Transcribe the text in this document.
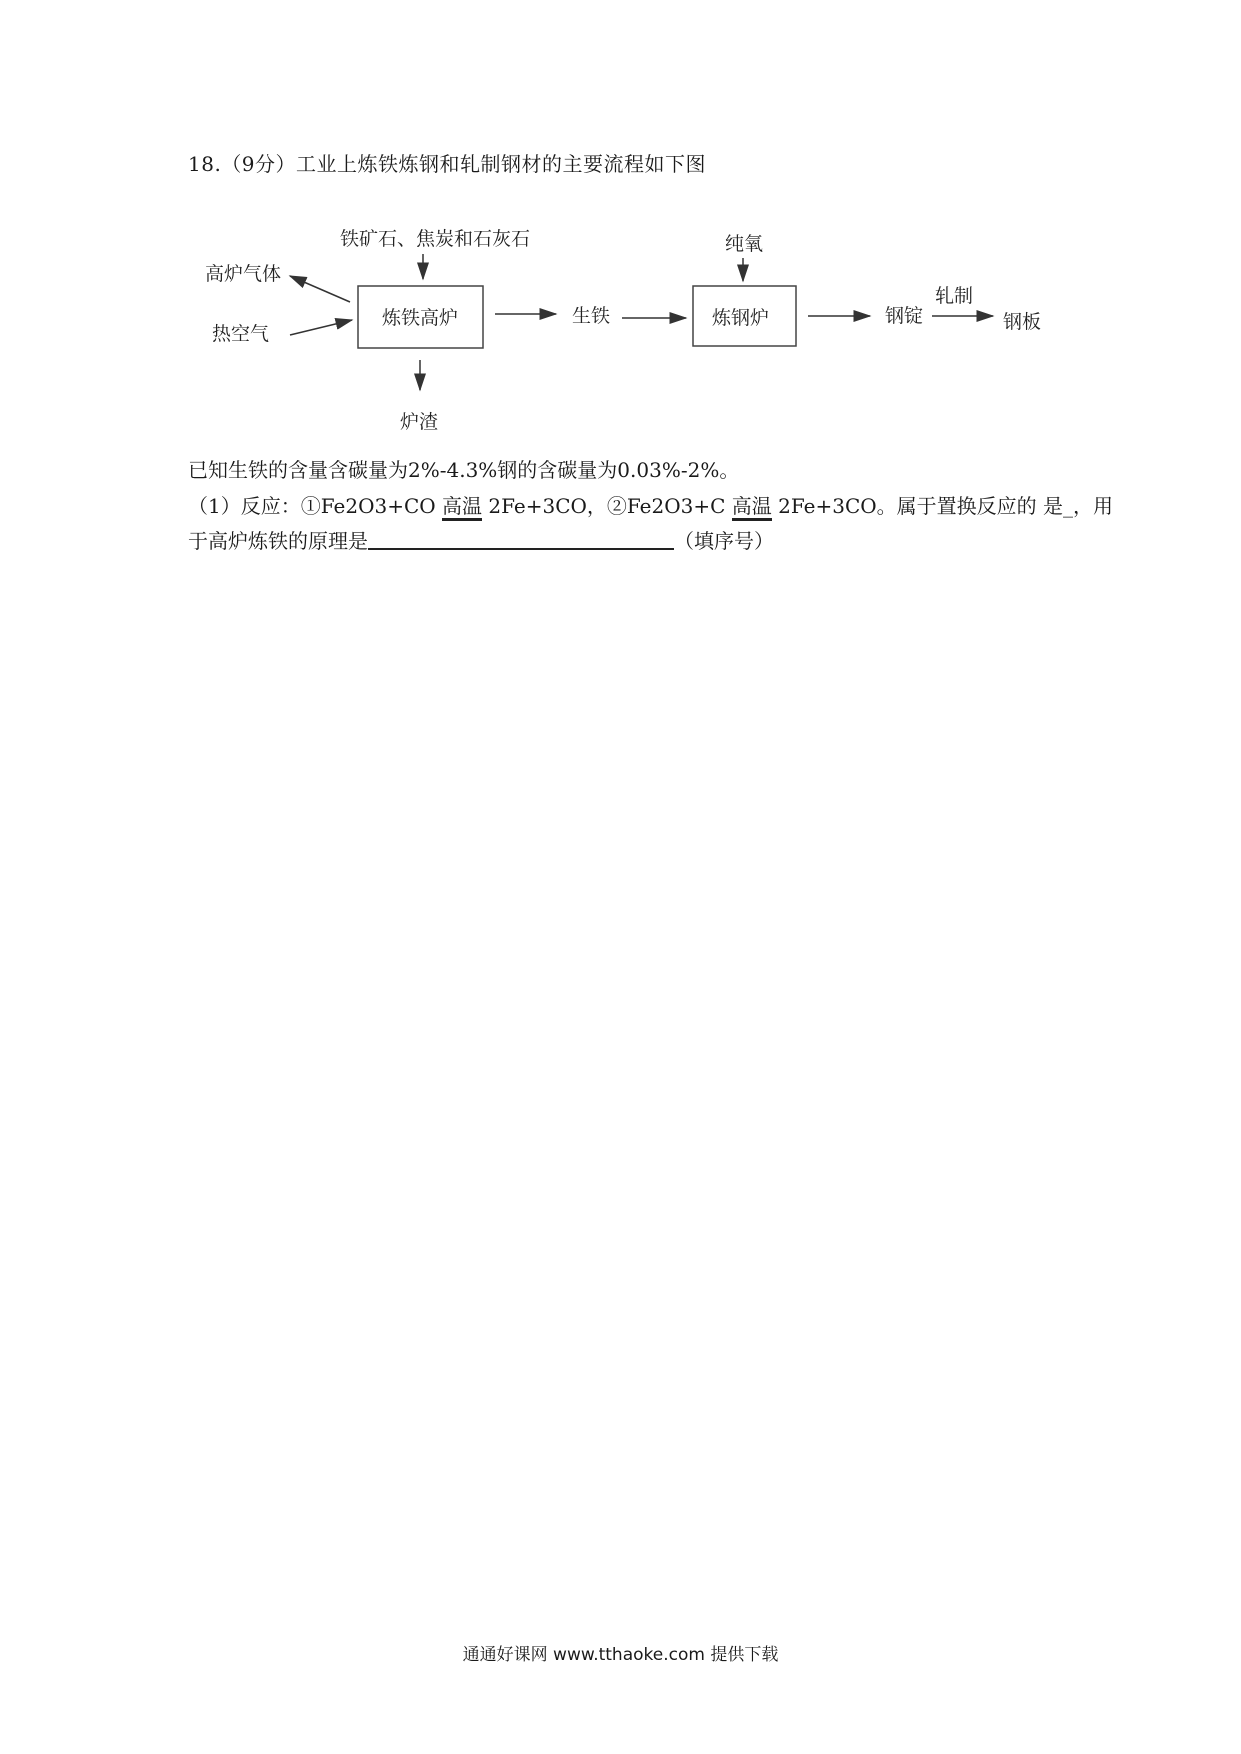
18.（9分）工业上炼铁炼钢和轧制钢材的主要流程如下图
铁矿石、焦炭和石灰石
高炉气体
热空气
炼铁高炉
炉渣
生铁
纯氧
炼钢炉	钢锭
轧制
钢板
已知生铁的含量含碳量为2%-4.3%钢的含碳量为0.03%-2%。
（1）反应：①Fe2O3+CO 高温 2Fe+3CO，②Fe2O3+C 高温 2Fe+3CO。属于置换反应的 是_，用
于高炉炼铁的原理是	（填序号）
通通好课网 www.tthaoke.com 提供下载
